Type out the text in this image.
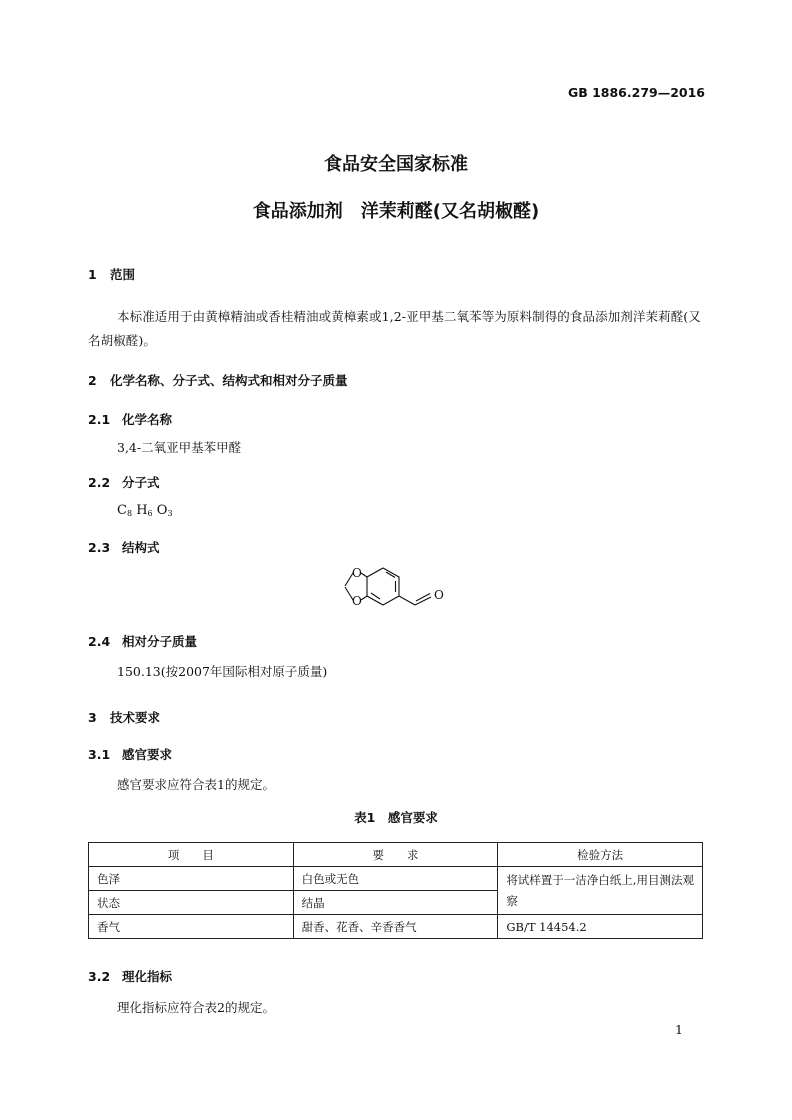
GB 1886.279—2016
食品安全国家标准
食品添加剂 洋茉莉醛(又名胡椒醛)
1 范围
本标准适用于由黄樟精油或香桂精油或黄樟素或1,2-亚甲基二氧苯等为原料制得的食品添加剂洋茉莉醛(又名胡椒醛)。
2 化学名称、分子式、结构式和相对分子质量
2.1 化学名称
3,4-二氧亚甲基苯甲醛
2.2 分子式
$C_8$ $H_6$ $O_3$
2.3 结构式
O
O	O
2.4 相对分子质量
150.13(按2007年国际相对原子质量)
3 技术要求
3.1 感官要求
感官要求应符合表1的规定。
表1　感官要求
项　　目	要　　求	检验方法
色泽	白色或无色	将试样置于一洁净白纸上,用目测法观察
状态	结晶	
香气	甜香、花香、辛香香气	GB/T 14454.2
3.2 理化指标
理化指标应符合表2的规定。
1
